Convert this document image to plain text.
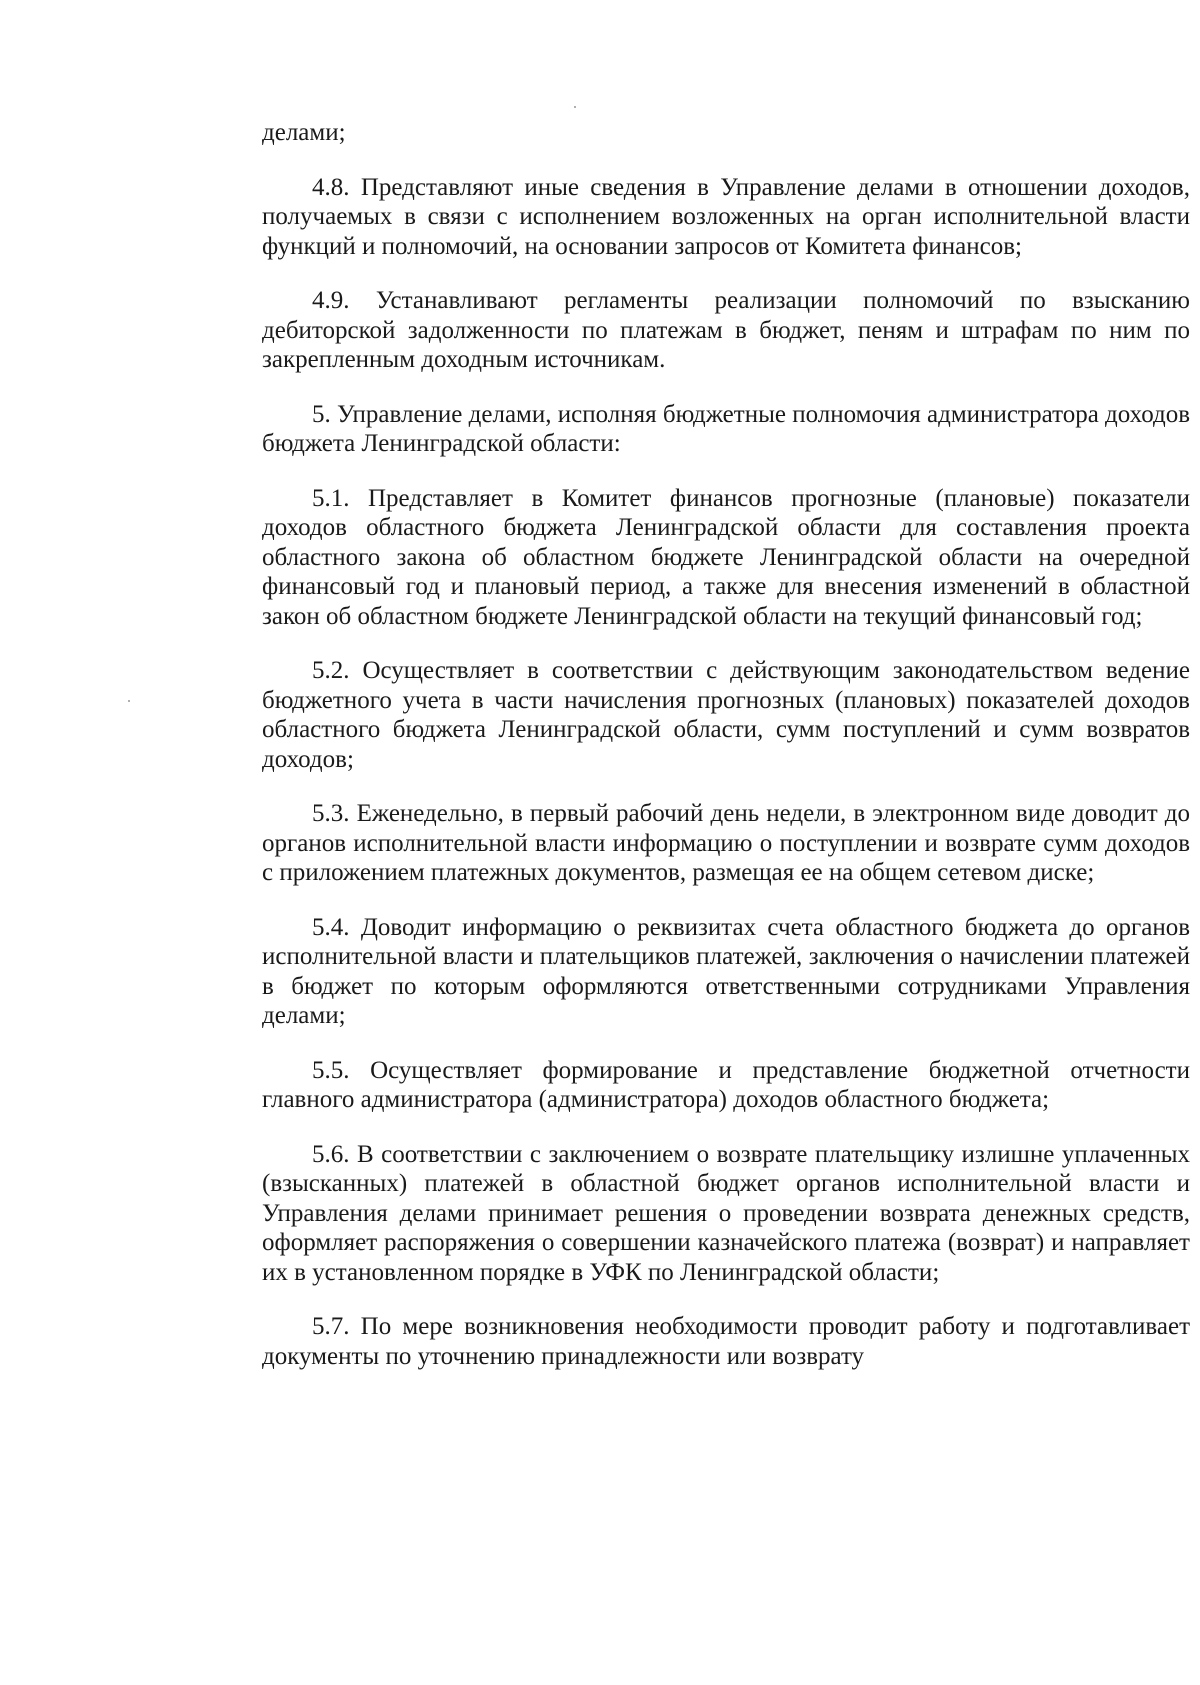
делами;

4.8. Представляют иные сведения в Управление делами в отношении доходов, получаемых в связи с исполнением возложенных на орган исполнительной власти функций и полномочий, на основании запросов от Комитета финансов;

4.9. Устанавливают регламенты реализации полномочий по взысканию дебиторской задолженности по платежам в бюджет, пеням и штрафам по ним по закрепленным доходным источникам.

5. Управление делами, исполняя бюджетные полномочия администратора доходов бюджета Ленинградской области:

5.1. Представляет в Комитет финансов прогнозные (плановые) показатели доходов областного бюджета Ленинградской области для составления проекта областного закона об областном бюджете Ленинградской области на очередной финансовый год и плановый период, а также для внесения изменений в областной закон об областном бюджете Ленинградской области на текущий финансовый год;

5.2. Осуществляет в соответствии с действующим законодательством ведение бюджетного учета в части начисления прогнозных (плановых) показателей доходов областного бюджета Ленинградской области, сумм поступлений и сумм возвратов доходов;

5.3. Еженедельно, в первый рабочий день недели, в электронном виде доводит до органов исполнительной власти информацию о поступлении и возврате сумм доходов с приложением платежных документов, размещая ее на общем сетевом диске;

5.4. Доводит информацию о реквизитах счета областного бюджета до органов исполнительной власти и плательщиков платежей, заключения о начислении платежей в бюджет по которым оформляются ответственными сотрудниками Управления делами;

5.5. Осуществляет формирование и представление бюджетной отчетности главного администратора (администратора) доходов областного бюджета;

5.6. В соответствии с заключением о возврате плательщику излишне уплаченных (взысканных) платежей в областной бюджет органов исполнительной власти и Управления делами принимает решения о проведении возврата денежных средств, оформляет распоряжения о совершении казначейского платежа (возврат) и направляет их в установленном порядке в УФК по Ленинградской области;

5.7. По мере возникновения необходимости проводит работу и подготавливает документы по уточнению принадлежности или возврату
